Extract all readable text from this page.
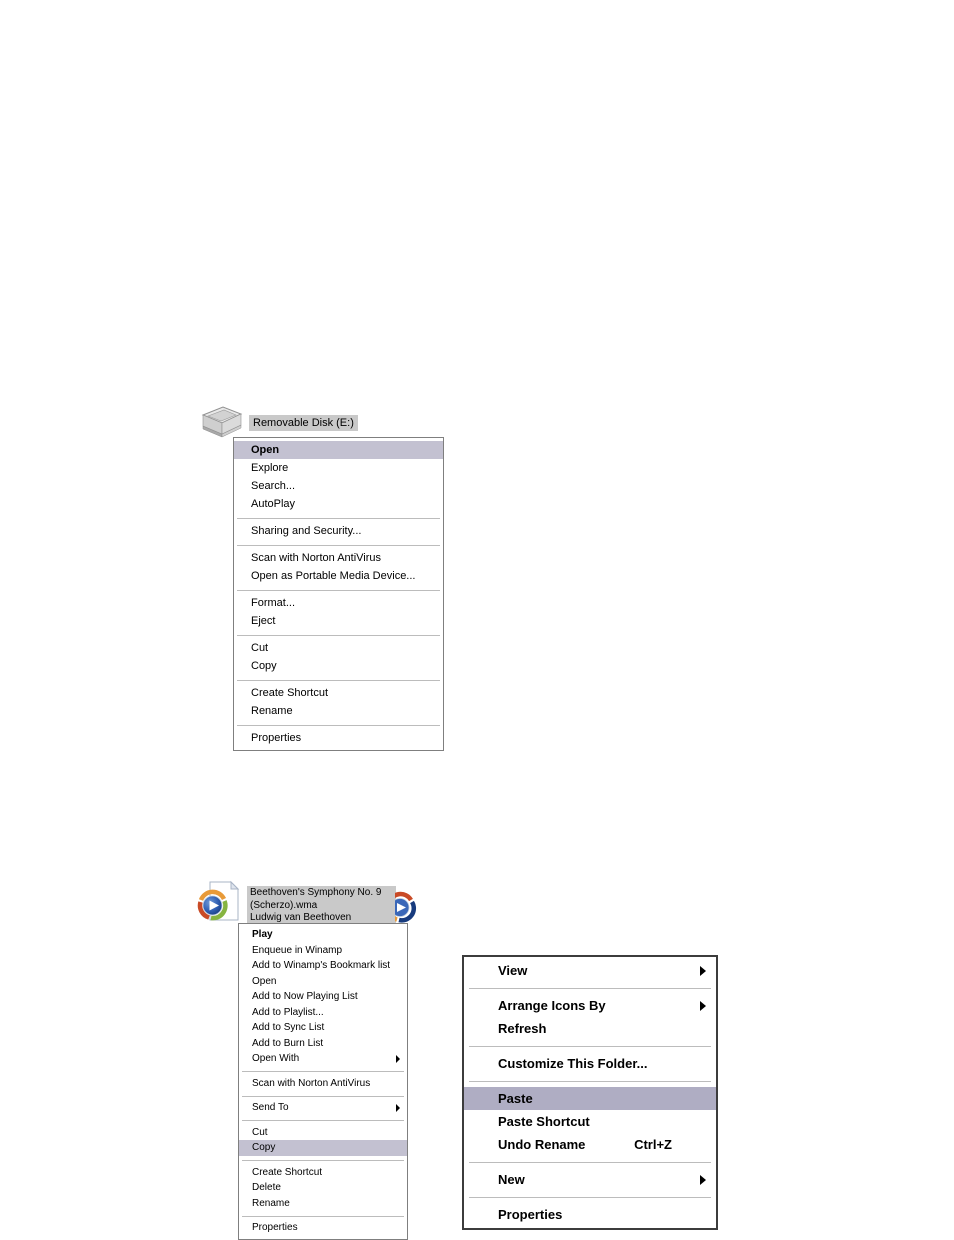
Removable Disk (E:)
Open
Explore
Search...
AutoPlay
Sharing and Security...
Scan with Norton AntiVirus
Open as Portable Media Device...
Format...
Eject
Cut
Copy
Create Shortcut
Rename
Properties
Beethoven's Symphony No. 9
(Scherzo).wma
Ludwig van Beethoven
Play
Enqueue in Winamp
Add to Winamp's Bookmark list
Open
Add to Now Playing List
Add to Playlist...
Add to Sync List
Add to Burn List
Open With
Scan with Norton AntiVirus
Send To
Cut
Copy
Create Shortcut
Delete
Rename
Properties
View
Arrange Icons By
Refresh
Customize This Folder...
Paste
Paste Shortcut
Undo Rename	Ctrl+Z
New
Properties
